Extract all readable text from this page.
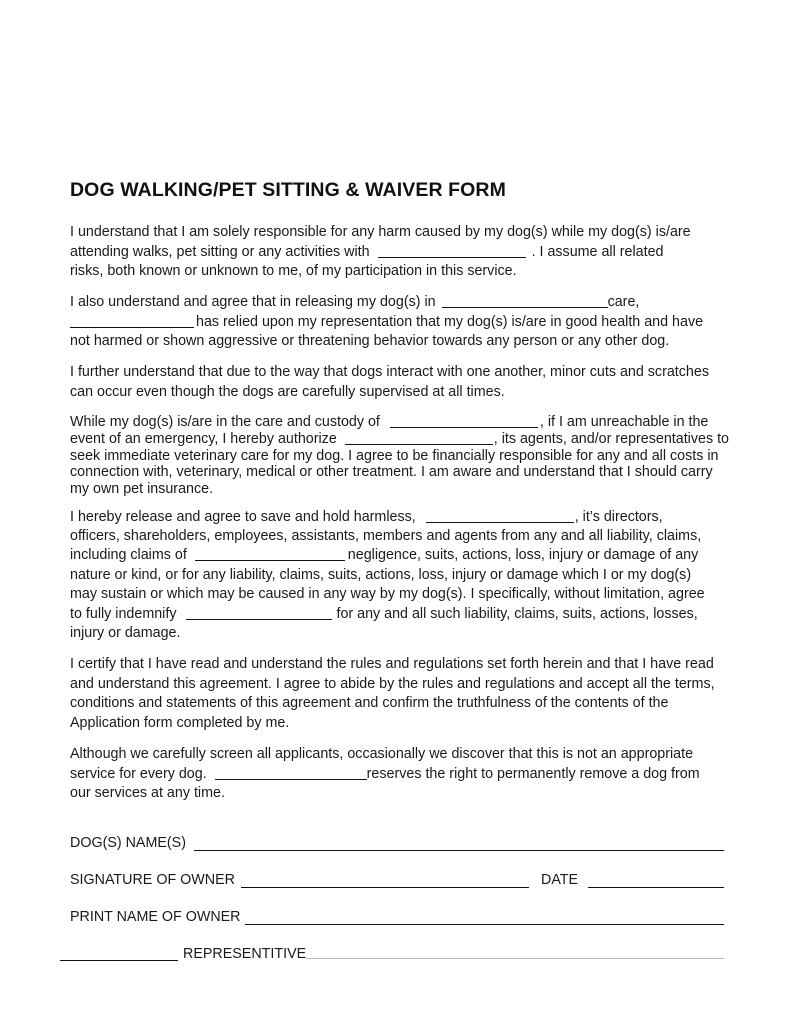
DOG WALKING/PET SITTING & WAIVER FORM
I understand that I am solely responsible for any harm caused by my dog(s) while my dog(s) is/are
attending walks, pet sitting or any activities with	. I assume all related
risks, both known or unknown to me, of my participation in this service.
I also understand and agree that in releasing my dog(s) in	care,
has relied upon my representation that my dog(s) is/are in good health and have
not harmed or shown aggressive or threatening behavior towards any person or any other dog.
I further understand that due to the way that dogs interact with one another, minor cuts and scratches
can occur even though the dogs are carefully supervised at all times.
While my dog(s) is/are in the care and custody of	, if I am unreachable in the
event of an emergency, I hereby authorize	, its agents, and/or representatives to
seek immediate veterinary care for my dog. I agree to be financially responsible for any and all costs in
connection with, veterinary, medical or other treatment. I am aware and understand that I should carry
my own pet insurance.
I hereby release and agree to save and hold harmless,	, it’s directors,
officers, shareholders, employees, assistants, members and agents from any and all liability, claims,
including claims of	negligence, suits, actions, loss, injury or damage of any
nature or kind, or for any liability, claims, suits, actions, loss, injury or damage which I or my dog(s)
may sustain or which may be caused in any way by my dog(s). I specifically, without limitation, agree
to fully indemnify	for any and all such liability, claims, suits, actions, losses,
injury or damage.
I certify that I have read and understand the rules and regulations set forth herein and that I have read
and understand this agreement. I agree to abide by the rules and regulations and accept all the terms,
conditions and statements of this agreement and confirm the truthfulness of the contents of the
Application form completed by me.
Although we carefully screen all applicants, occasionally we discover that this is not an appropriate
service for every dog.	reserves the right to permanently remove a dog from
our services at any time.
DOG(S) NAME(S)
SIGNATURE OF OWNER	DATE
PRINT NAME OF OWNER
REPRESENTITIVE
